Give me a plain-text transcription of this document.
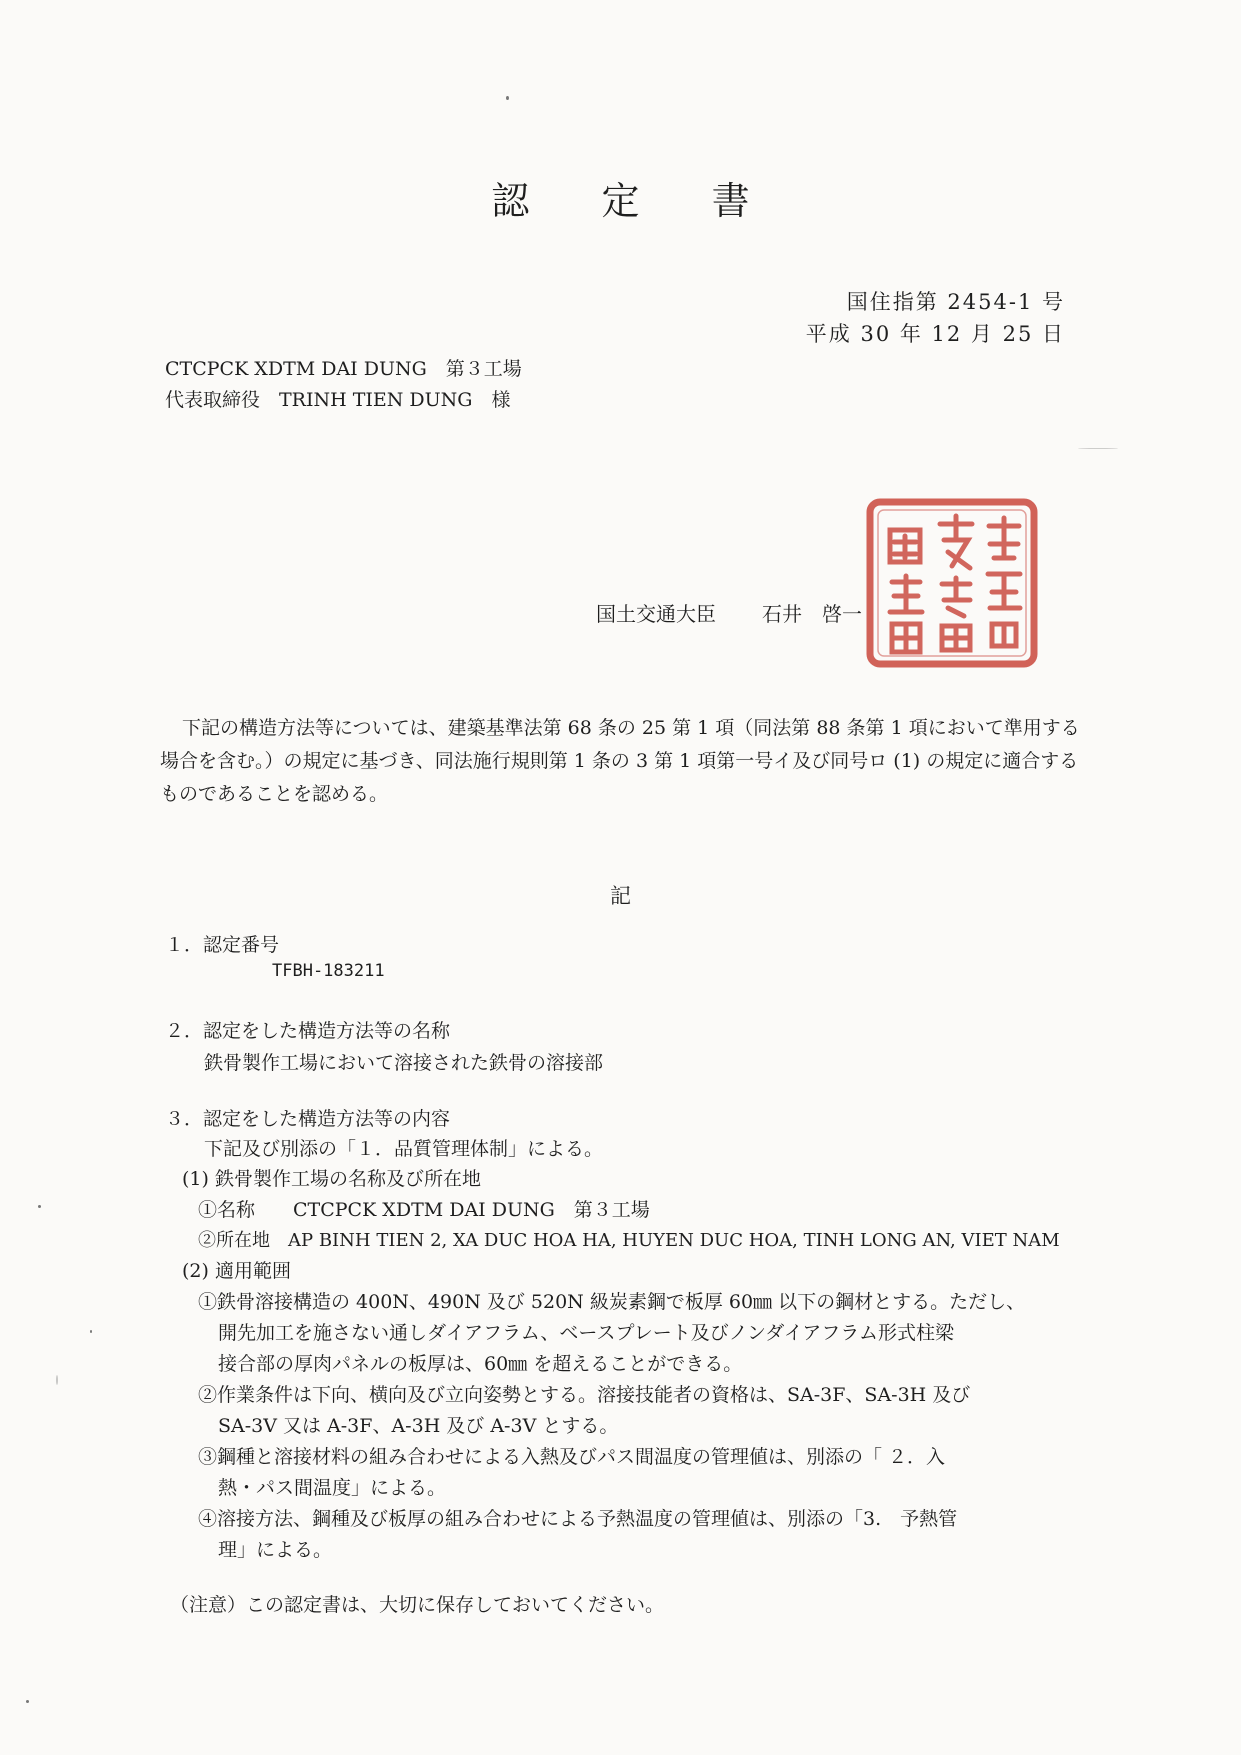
認 定 書
国住指第 2454-1 号
平成 30 年 12 月 25 日
CTCPCK XDTM DAI DUNG　第３工場
代表取締役　TRINH TIEN DUNG　様
国土交通大臣 石井　啓一
下記の構造方法等については、建築基準法第 68 条の 25 第 1 項（同法第 88 条第 1 項において準用する場合を含む。）の規定に基づき、同法施行規則第 1 条の 3 第 1 項第一号イ及び同号ロ (1) の規定に適合するものであることを認める。
記
１．認定番号
TFBH-183211
２．認定をした構造方法等の名称
鉄骨製作工場において溶接された鉄骨の溶接部
３．認定をした構造方法等の内容
下記及び別添の「１．品質管理体制」による。
(1) 鉄骨製作工場の名称及び所在地
①名称　　CTCPCK XDTM DAI DUNG　第３工場
②所在地　AP BINH TIEN 2, XA DUC HOA HA, HUYEN DUC HOA, TINH LONG AN, VIET NAM
(2) 適用範囲
①鉄骨溶接構造の 400N、490N 及び 520N 級炭素鋼で板厚 60㎜ 以下の鋼材とする。ただし、
開先加工を施さない通しダイアフラム、ベースプレート及びノンダイアフラム形式柱梁
接合部の厚肉パネルの板厚は、60㎜ を超えることができる。
②作業条件は下向、横向及び立向姿勢とする。溶接技能者の資格は、SA-3F、SA-3H 及び
SA-3V 又は A-3F、A-3H 及び A-3V とする。
③鋼種と溶接材料の組み合わせによる入熱及びパス間温度の管理値は、別添の「 ２．入
熱・パス間温度」による。
④溶接方法、鋼種及び板厚の組み合わせによる予熱温度の管理値は、別添の「3.　予熱管
理」による。
（注意）この認定書は、大切に保存しておいてください。
